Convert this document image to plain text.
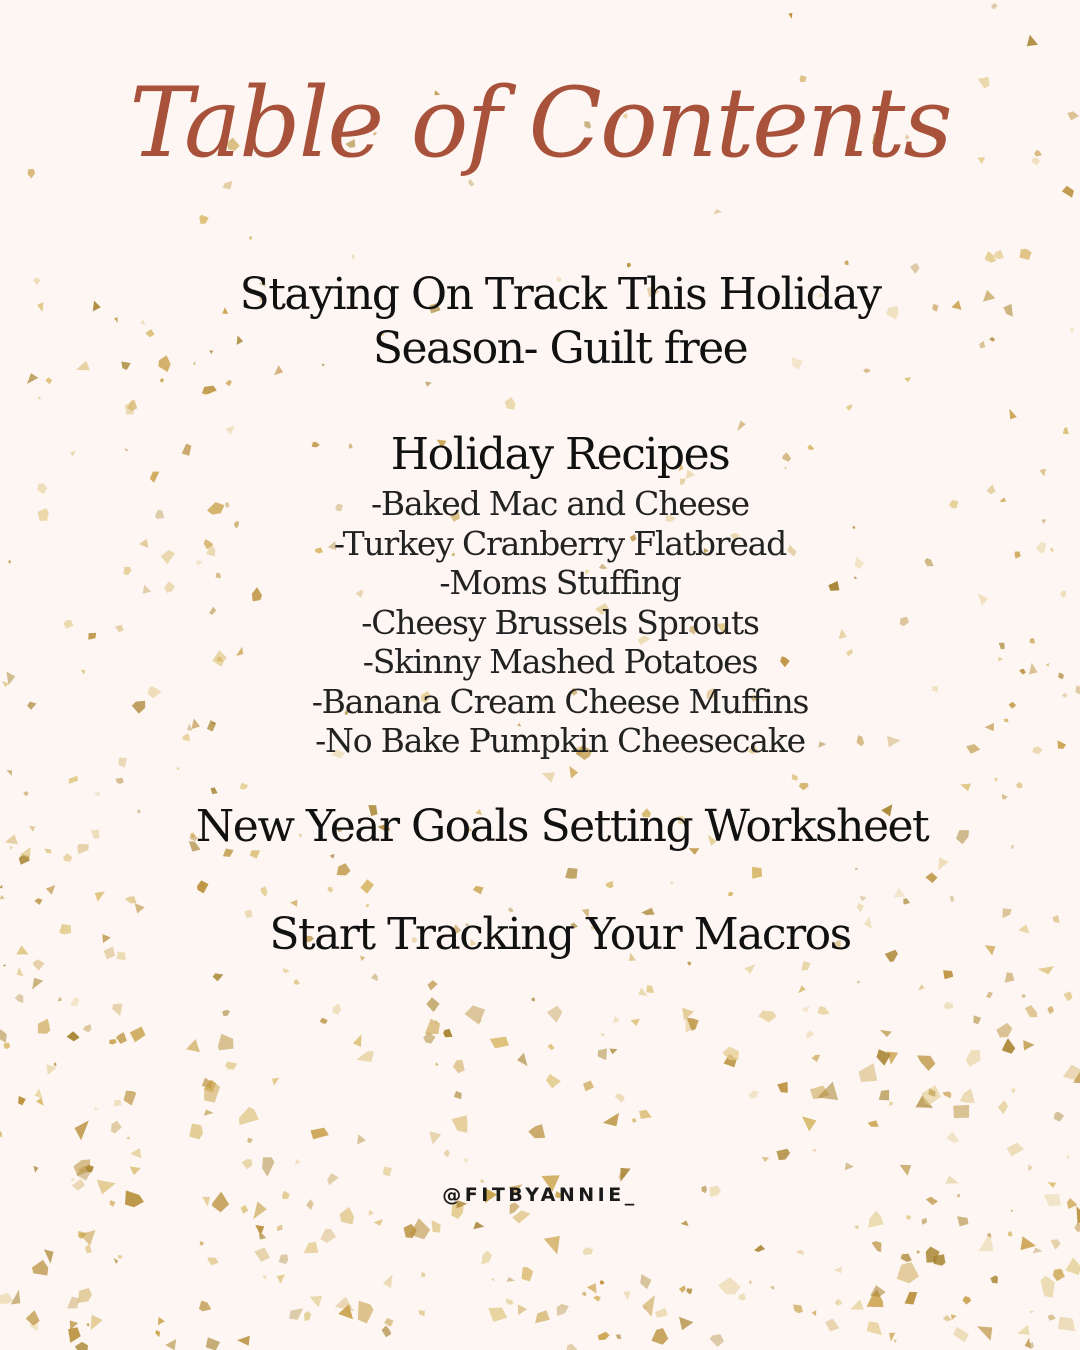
Table of Contents
Staying On Track This Holiday
Season- Guilt free
Holiday Recipes
-Baked Mac and Cheese
-Turkey Cranberry Flatbread
-Moms Stuffing
-Cheesy Brussels Sprouts
-Skinny Mashed Potatoes
-Banana Cream Cheese Muffins
-No Bake Pumpkin Cheesecake
New Year Goals Setting Worksheet
Start Tracking Your Macros
@FITBYANNIE_
